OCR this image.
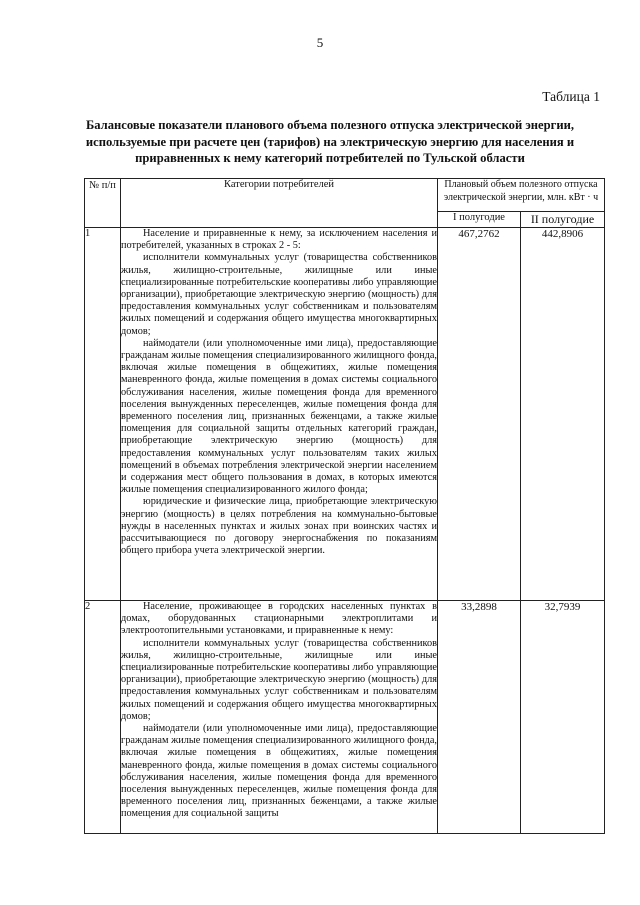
5
Таблица 1
Балансовые показатели планового объема полезного отпуска электрической энергии, используемые при расчете цен (тарифов) на электрическую энергию для населения и приравненных к нему категорий потребителей по Тульской области
№ п/п	Категории потребителей	Плановый объем полезного отпуска электрической энергии, млн. кВт · ч	
		I полугодие	II полугодие
1	Население и приравненные к нему, за исключением населения и потребителей, указанных в строках 2 - 5:

исполнители коммунальных услуг (товарищества собственников жилья, жилищно-строительные, жилищные или иные специализированные потребительские кооперативы либо управляющие организации), приобретающие электрическую энергию (мощность) для предоставления коммунальных услуг собственникам и пользователям жилых помещений и содержания общего имущества многоквартирных домов;

наймодатели (или уполномоченные ими лица), предоставляющие гражданам жилые помещения специализированного жилищного фонда, включая жилые помещения в общежитиях, жилые помещения маневренного фонда, жилые помещения в домах системы социального обслуживания населения, жилые помещения фонда для временного поселения вынужденных переселенцев, жилые помещения фонда для временного поселения лиц, признанных беженцами, а также жилые помещения для социальной защиты отдельных категорий граждан, приобретающие электрическую энергию (мощность) для предоставления коммунальных услуг пользователям таких жилых помещений в объемах потребления электрической энергии населением и содержания мест общего пользования в домах, в которых имеются жилые помещения специализированного жилого фонда;

юридические и физические лица, приобретающие электрическую энергию (мощность) в целях потребления на коммунально-бытовые нужды в населенных пунктах и жилых зонах при воинских частях и рассчитывающиеся по договору энергоснабжения по показаниям общего прибора учета электрической энергии.	467,2762	442,8906
2	Население, проживающее в городских населенных пунктах в домах, оборудованных стационарными электроплитами и электроотопительными установками, и приравненные к нему:

исполнители коммунальных услуг (товарищества собственников жилья, жилищно-строительные, жилищные или иные специализированные потребительские кооперативы либо управляющие организации), приобретающие электрическую энергию (мощность) для предоставления коммунальных услуг собственникам и пользователям жилых помещений и содержания общего имущества многоквартирных домов;

наймодатели (или уполномоченные ими лица), предоставляющие гражданам жилые помещения специализированного жилищного фонда, включая жилые помещения в общежитиях, жилые помещения маневренного фонда, жилые помещения в домах системы социального обслуживания населения, жилые помещения фонда для временного поселения вынужденных переселенцев, жилые помещения фонда для временного поселения лиц, признанных беженцами, а также жилые помещения для социальной защиты	33,2898	32,7939
